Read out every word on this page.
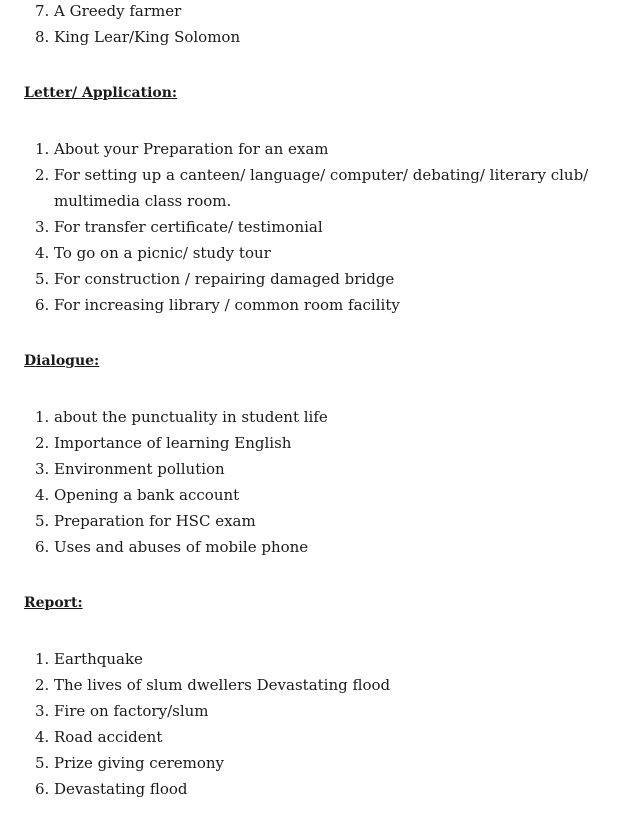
7. A Greedy farmer
8. King Lear/King Solomon
Letter/ Application:
1. About your Preparation for an exam
2. For setting up a canteen/ language/ computer/ debating/ literary club/ multimedia class room.
3. For transfer certificate/ testimonial
4. To go on a picnic/ study tour
5. For construction / repairing damaged bridge
6. For increasing library / common room facility
Dialogue:
1. about the punctuality in student life
2. Importance of learning English
3. Environment pollution
4. Opening a bank account
5. Preparation for HSC exam
6. Uses and abuses of mobile phone
Report:
1. Earthquake
2. The lives of slum dwellers Devastating flood
3. Fire on factory/slum
4. Road accident
5. Prize giving ceremony
6. Devastating flood
